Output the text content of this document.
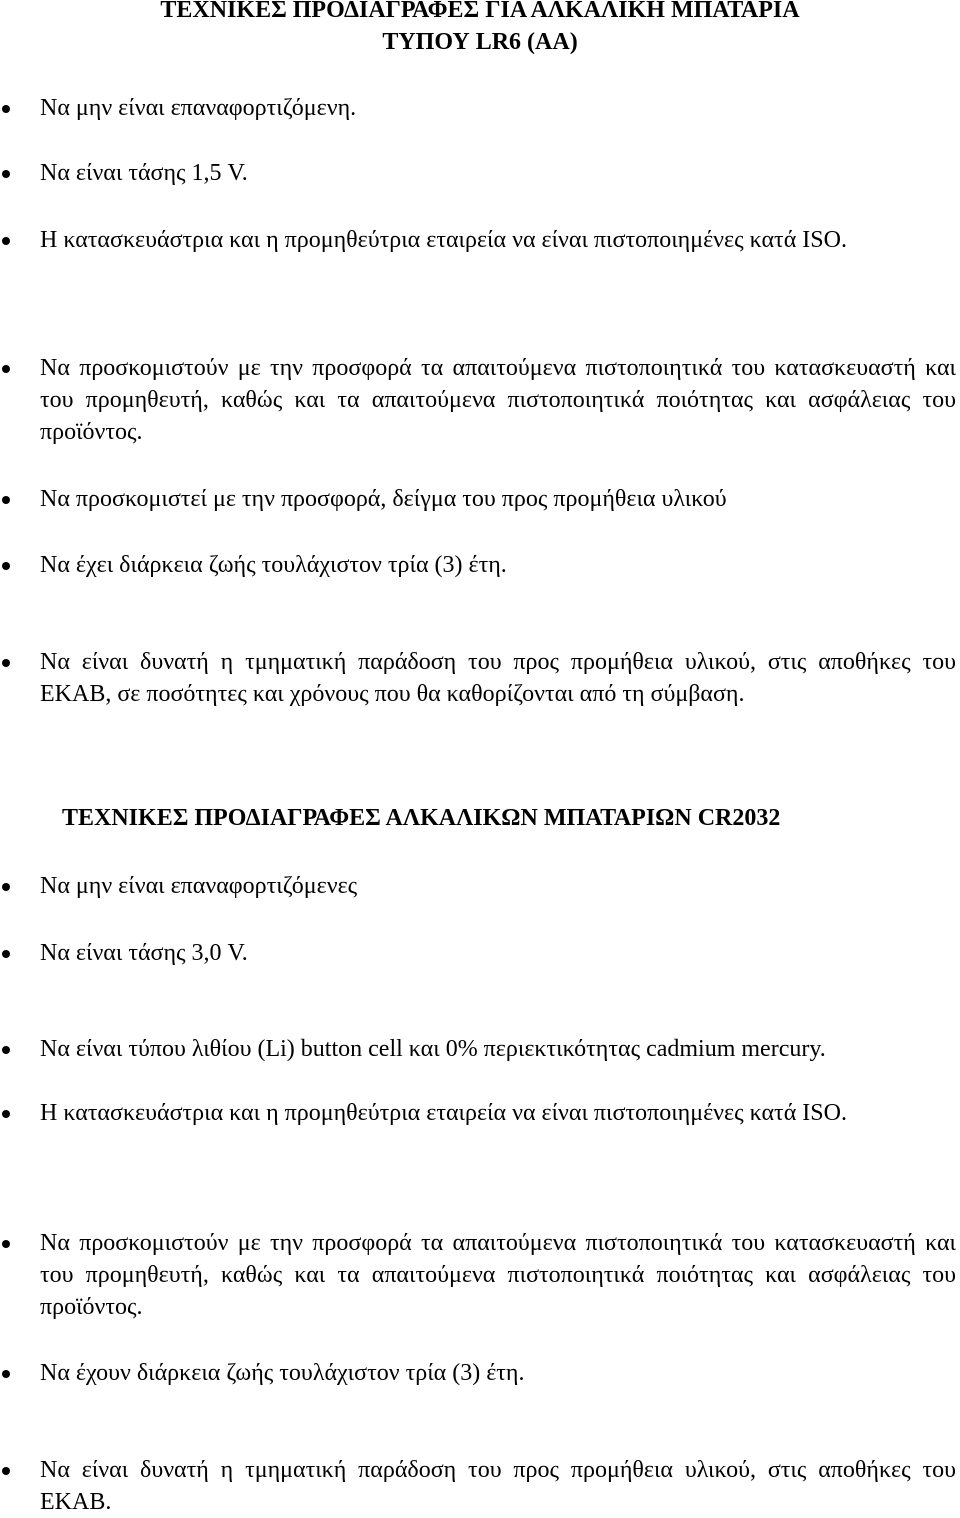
ΤΕΧΝΙΚΕΣ ΠΡΟΔΙΑΓΡΑΦΕΣ ΓΙΑ ΑΛΚΑΛΙΚΗ ΜΠΑΤΑΡΙΑ
ΤΥΠΟΥ LR6 (AA)
Να μην είναι επαναφορτιζόμενη.
Να είναι τάσης 1,5 V.
Η κατασκευάστρια και η προμηθεύτρια εταιρεία να είναι πιστοποιημένες κατά ISO.
Να προσκομιστούν με την προσφορά τα απαιτούμενα πιστοποιητικά του κατασκευαστή και του προμηθευτή, καθώς και τα απαιτούμενα πιστοποιητικά ποιότητας και ασφάλειας του προϊόντος.
Να προσκομιστεί με την προσφορά, δείγμα του προς προμήθεια υλικού
Να έχει διάρκεια ζωής τουλάχιστον τρία (3) έτη.
Να είναι δυνατή η τμηματική παράδοση του προς προμήθεια υλικού, στις αποθήκες του ΕΚΑΒ, σε ποσότητες και χρόνους που θα καθορίζονται από τη σύμβαση.
ΤΕΧΝΙΚΕΣ ΠΡΟΔΙΑΓΡΑΦΕΣ ΑΛΚΑΛΙΚΩΝ ΜΠΑΤΑΡΙΩΝ CR2032
Να μην είναι επαναφορτιζόμενες
Να είναι τάσης 3,0 V.
Να είναι τύπου λιθίου (Li) button cell και 0% περιεκτικότητας cadmium mercury.
Η κατασκευάστρια και η προμηθεύτρια εταιρεία να είναι πιστοποιημένες κατά ISO.
Να προσκομιστούν με την προσφορά τα απαιτούμενα πιστοποιητικά του κατασκευαστή και του προμηθευτή, καθώς και τα απαιτούμενα πιστοποιητικά ποιότητας και ασφάλειας του προϊόντος.
Να έχουν διάρκεια ζωής τουλάχιστον τρία (3) έτη.
Να είναι δυνατή η τμηματική παράδοση του προς προμήθεια υλικού, στις αποθήκες του ΕΚΑΒ.
